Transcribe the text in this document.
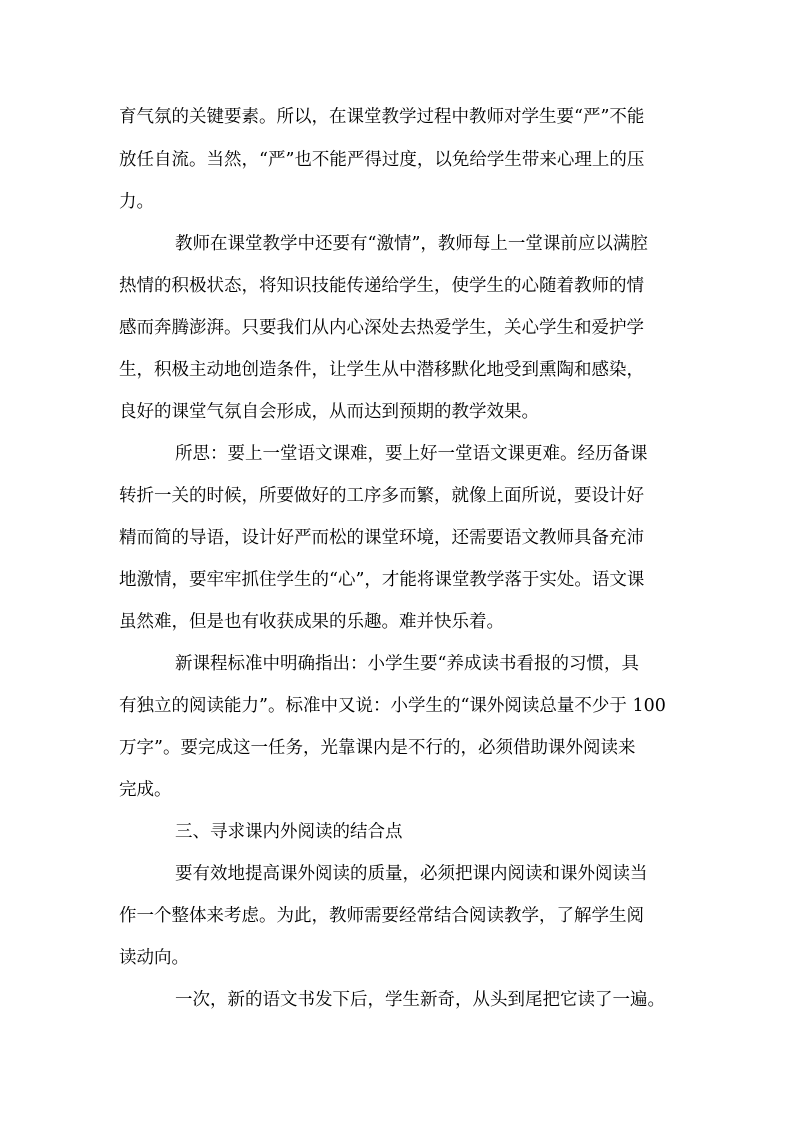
育气氛的关键要素。所以，在课堂教学过程中教师对学生要“严”不能
放任自流。当然，“严”也不能严得过度，以免给学生带来心理上的压
力。
教师在课堂教学中还要有“激情”，教师每上一堂课前应以满腔
热情的积极状态，将知识技能传递给学生，使学生的心随着教师的情
感而奔腾澎湃。只要我们从内心深处去热爱学生，关心学生和爱护学
生，积极主动地创造条件，让学生从中潜移默化地受到熏陶和感染，
良好的课堂气氛自会形成，从而达到预期的教学效果。
所思：要上一堂语文课难，要上好一堂语文课更难。经历备课
转折一关的时候，所要做好的工序多而繁，就像上面所说，要设计好
精而简的导语，设计好严而松的课堂环境，还需要语文教师具备充沛
地激情，要牢牢抓住学生的“心”，才能将课堂教学落于实处。语文课
虽然难，但是也有收获成果的乐趣。难并快乐着。
新课程标准中明确指出：小学生要“养成读书看报的习惯，具
有独立的阅读能力”。标准中又说：小学生的“课外阅读总量不少于 100
万字”。要完成这一任务，光靠课内是不行的，必须借助课外阅读来
完成。
三、寻求课内外阅读的结合点
要有效地提高课外阅读的质量，必须把课内阅读和课外阅读当
作一个整体来考虑。为此，教师需要经常结合阅读教学，了解学生阅
读动向。
一次，新的语文书发下后，学生新奇，从头到尾把它读了一遍。
